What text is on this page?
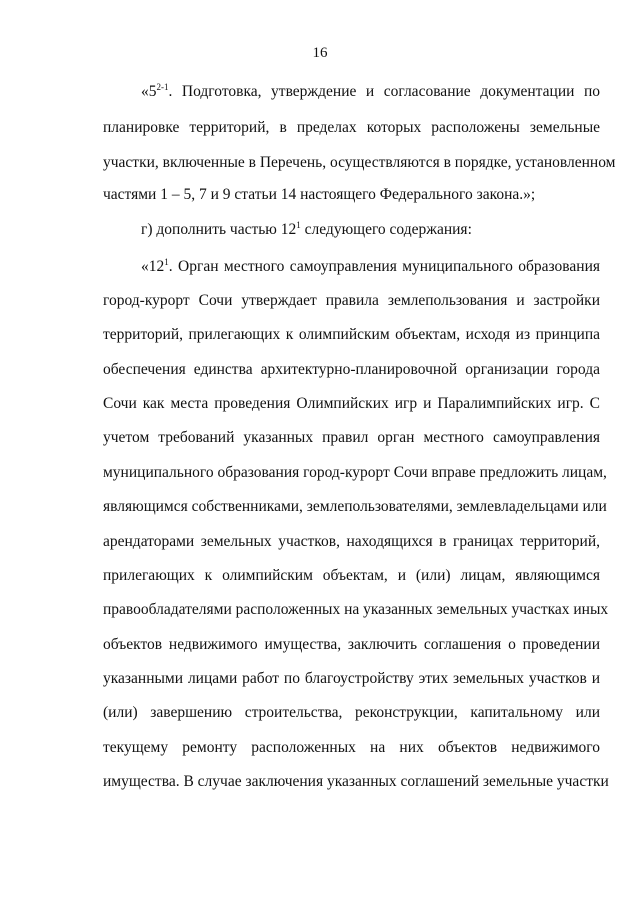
16
«5$^{2-1}$. Подготовка, утверждение и согласование документации по
планировке территорий, в пределах которых расположены земельные
участки, включенные в Перечень, осуществляются в порядке, установленном
частями 1 – 5, 7 и 9 статьи 14 настоящего Федерального закона.»;
г) дополнить частью $12^1$ следующего содержания:
«$12^1$. Орган местного самоуправления муниципального образования
город-курорт Сочи утверждает правила землепользования и застройки
территорий, прилегающих к олимпийским объектам, исходя из принципа
обеспечения единства архитектурно-планировочной организации города
Сочи как места проведения Олимпийских игр и Паралимпийских игр. С
учетом требований указанных правил орган местного самоуправления
муниципального образования город-курорт Сочи вправе предложить лицам,
являющимся собственниками, землепользователями, землевладельцами или
арендаторами земельных участков, находящихся в границах территорий,
прилегающих к олимпийским объектам, и (или) лицам, являющимся
правообладателями расположенных на указанных земельных участках иных
объектов недвижимого имущества, заключить соглашения о проведении
указанными лицами работ по благоустройству этих земельных участков и
(или) завершению строительства, реконструкции, капитальному или
текущему ремонту расположенных на них объектов недвижимого
имущества. В случае заключения указанных соглашений земельные участки
